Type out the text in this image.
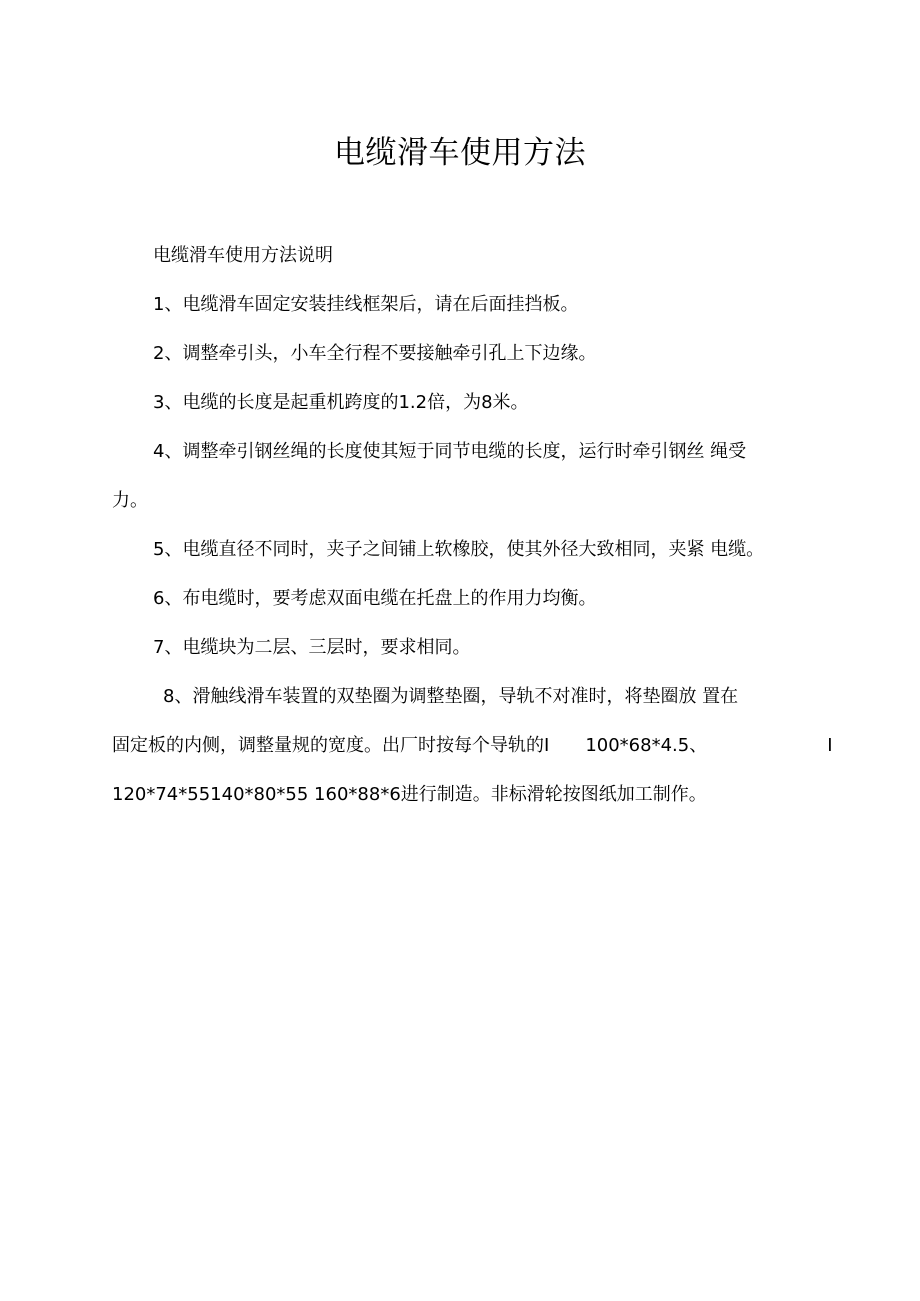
电缆滑车使用方法
电缆滑车使用方法说明
1、电缆滑车固定安装挂线框架后，请在后面挂挡板。
2、调整牵引头，小车全行程不要接触牵引孔上下边缘。
3、电缆的长度是起重机跨度的1.2倍，为8米。
4、调整牵引钢丝绳的长度使其短于同节电缆的长度，运行时牵引钢丝 绳受
力。
5、电缆直径不同时，夹子之间铺上软橡胶，使其外径大致相同，夹紧 电缆。
6、布电缆时，要考虑双面电缆在托盘上的作用力均衡。
7、电缆块为二层、三层时，要求相同。
8、滑触线滑车装置的双垫圈为调整垫圈，导轨不对准时，将垫圈放 置在
固定板的内侧，调整量规的宽度。出厂时按每个导轨的I 100*68*4.5、	I
120*74*55140*80*55 160*88*6进行制造。非标滑轮按图纸加工制作。
